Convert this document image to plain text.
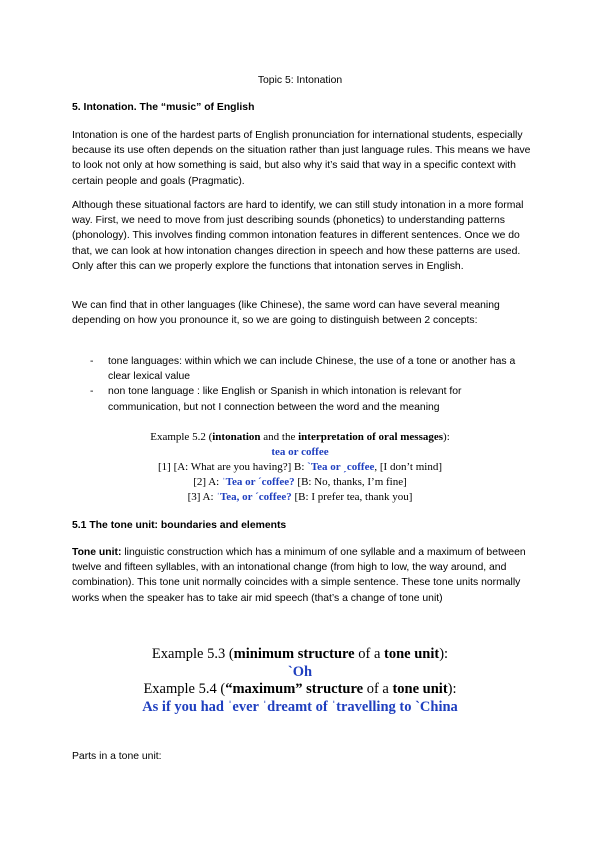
Topic 5: Intonation
5. Intonation. The “music” of English

Intonation is one of the hardest parts of English pronunciation for international students, especially because its use often depends on the situation rather than just language rules. This means we have to look not only at how something is said, but also why it’s said that way in a specific context with certain people and goals (Pragmatic).

Although these situational factors are hard to identify, we can still study intonation in a more formal way. First, we need to move from just describing sounds (phonetics) to understanding patterns (phonology). This involves finding common intonation features in different sentences. Once we do that, we can look at how intonation changes direction in speech and how these patterns are used. Only after this can we properly explore the functions that intonation serves in English.

We can find that in other languages (like Chinese), the same word can have several meaning depending on how you pronounce it, so we are going to distinguish between 2 concepts:

- tone languages: within which we can include Chinese, the use of a tone or another has a clear lexical value
- non tone language : like English or Spanish in which intonation is relevant for communication, but not I connection between the word and the meaning
Example 5.2 (intonation and the interpretation of oral messages):
tea or coffee
[1] [A: What are you having?] B: `Tea or ˏcoffee, [I don’t mind]
[2] A: ˈTea or ˊcoffee? [B: No, thanks, I’m fine]
[3] A: ˈTea, or ˊcoffee? [B: I prefer tea, thank you]
5.1 The tone unit: boundaries and elements

Tone unit: linguistic construction which has a minimum of one syllable and a maximum of between twelve and fifteen syllables, with an intonational change (from high to low, the way around, and combination). This tone unit normally coincides with a simple sentence. These tone units normally works when the speaker has to take air mid speech (that’s a change of tone unit)

Example 5.3 (minimum structure of a tone unit):
`Oh
Example 5.4 (“maximum” structure of a tone unit):
As if you had ˈever ˈdreamt of ˈtravelling to `China
Parts in a tone unit:
